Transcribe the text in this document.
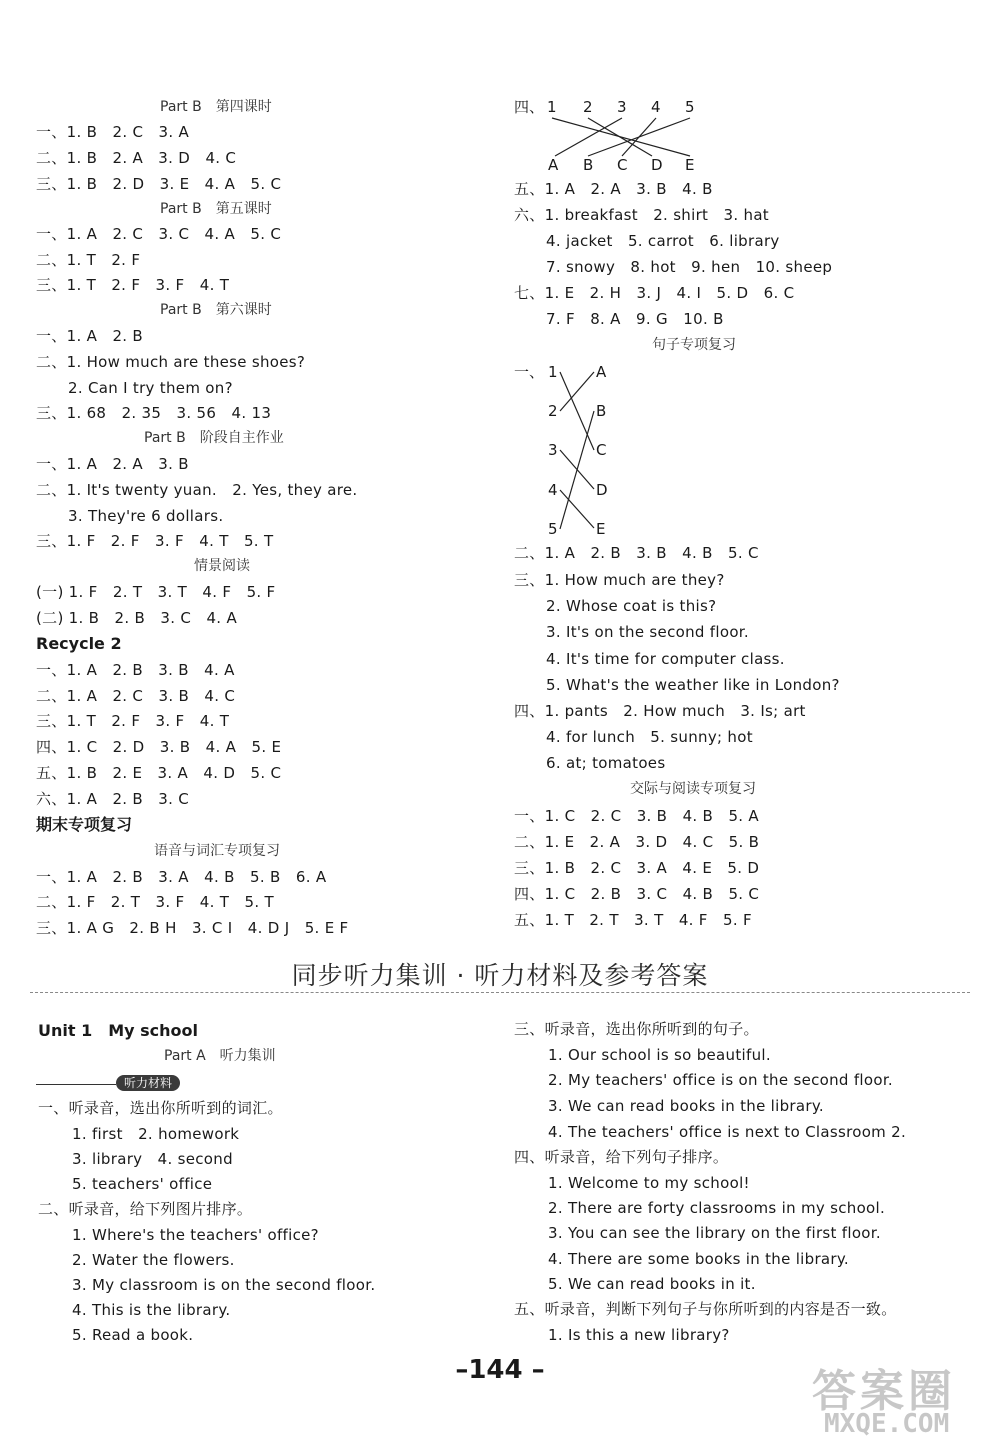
Part B　第四课时
一、1. B　2. C　3. A
二、1. B　2. A　3. D　4. C
三、1. B　2. D　3. E　4. A　5. C
Part B　第五课时
一、1. A　2. C　3. C　4. A　5. C
二、1. T　2. F
三、1. T　2. F　3. F　4. T
Part B　第六课时
一、1. A　2. B
二、1. How much are these shoes?
2. Can I try them on?
三、1. 68　2. 35　3. 56　4. 13
Part B　阶段自主作业
一、1. A　2. A　3. B
二、1. It's twenty yuan.　2. Yes, they are.
3. They're 6 dollars.
三、1. F　2. F　3. F　4. T　5. T
情景阅读
(一) 1. F　2. T　3. T　4. F　5. F
(二) 1. B　2. B　3. C　4. A
Recycle 2
一、1. A　2. B　3. B　4. A
二、1. A　2. C　3. B　4. C
三、1. T　2. F　3. F　4. T
四、1. C　2. D　3. B　4. A　5. E
五、1. B　2. E　3. A　4. D　5. C
六、1. A　2. B　3. C
期末专项复习
语音与词汇专项复习
一、1. A　2. B　3. A　4. B　5. B　6. A
二、1. F　2. T　3. F　4. T　5. T
三、1. A G　2. B H　3. C I　4. D J　5. E F
四、 1 2 3 4 5
A B C D E
五、1. A　2. A　3. B　4. B
六、1. breakfast　2. shirt　3. hat
4. jacket　5. carrot　6. library
7. snowy　8. hot　9. hen　10. sheep
七、1. E　2. H　3. J　4. I　5. D　6. C
7. F　8. A　9. G　10. B
句子专项复习
一、 1
2
3
4
5
A
B
C
D
E
二、1. A　2. B　3. B　4. B　5. C
三、1. How much are they?
2. Whose coat is this?
3. It's on the second floor.
4. It's time for computer class.
5. What's the weather like in London?
四、1. pants　2. How much　3. Is; art
4. for lunch　5. sunny; hot
6. at; tomatoes
交际与阅读专项复习
一、1. C　2. C　3. B　4. B　5. A
二、1. E　2. A　3. D　4. C　5. B
三、1. B　2. C　3. A　4. E　5. D
四、1. C　2. B　3. C　4. B　5. C
五、1. T　2. T　3. T　4. F　5. F
同步听力集训 · 听力材料及参考答案
Unit 1　My school
Part A　听力集训
听力材料
一、听录音，选出你所听到的词汇。
1. first　2. homework
3. library　4. second
5. teachers' office
二、听录音，给下列图片排序。
1. Where's the teachers' office?
2. Water the flowers.
3. My classroom is on the second floor.
4. This is the library.
5. Read a book.
三、听录音，选出你所听到的句子。
1. Our school is so beautiful.
2. My teachers' office is on the second floor.
3. We can read books in the library.
4. The teachers' office is next to Classroom 2.
四、听录音，给下列句子排序。
1. Welcome to my school!
2. There are forty classrooms in my school.
3. You can see the library on the first floor.
4. There are some books in the library.
5. We can read books in it.
五、听录音，判断下列句子与你所听到的内容是否一致。
1. Is this a new library?
–144 –	答案圈
MXQE.COM
